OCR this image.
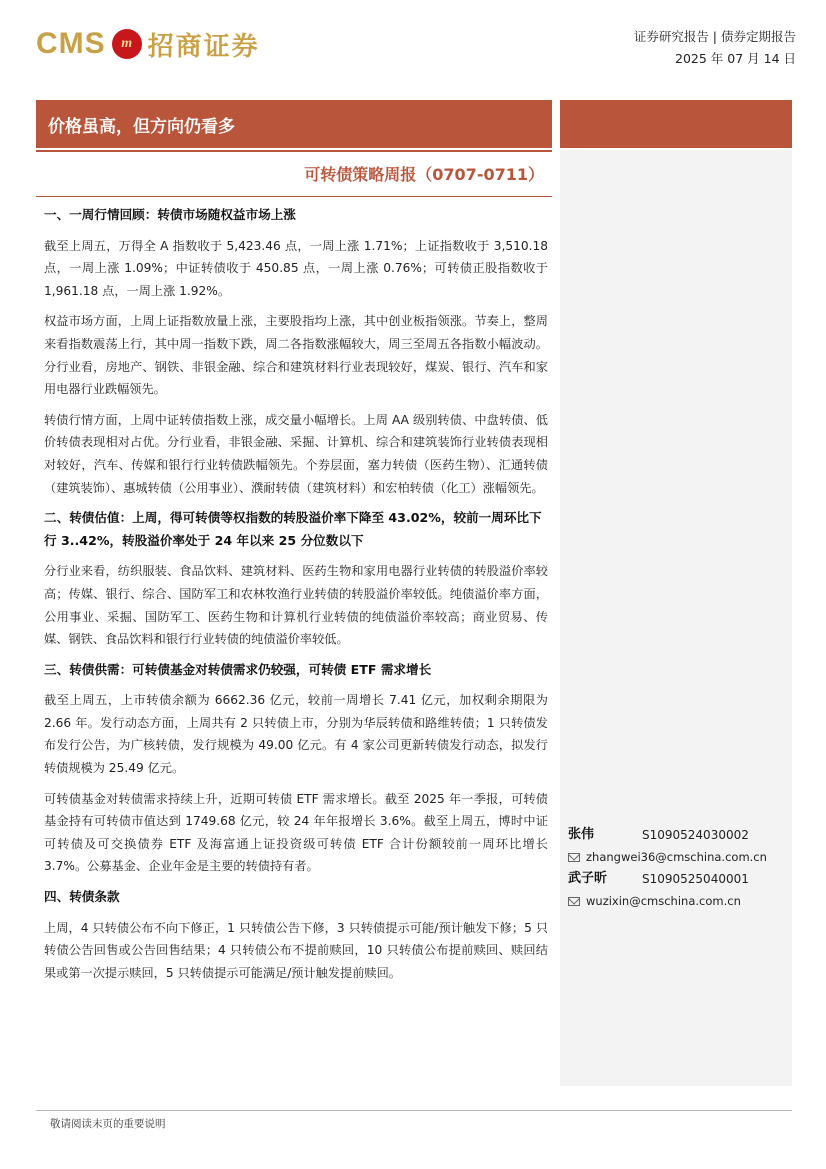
CMS m 招商证券	证券研究报告 | 债券定期报告
2025 年 07 月 14 日
价格虽高，但方向仍看多
可转债策略周报（0707-0711）
一、一周行情回顾：转债市场随权益市场上涨

截至上周五，万得全 A 指数收于 5,423.46 点，一周上涨 1.71%；上证指数收于 3,510.18 点，一周上涨 1.09%；中证转债收于 450.85 点，一周上涨 0.76%；可转债正股指数收于 1,961.18 点，一周上涨 1.92%。

权益市场方面，上周上证指数放量上涨，主要股指均上涨，其中创业板指领涨。节奏上，整周来看指数震荡上行，其中周一指数下跌，周二各指数涨幅较大，周三至周五各指数小幅波动。分行业看，房地产、钢铁、非银金融、综合和建筑材料行业表现较好，煤炭、银行、汽车和家用电器行业跌幅领先。

转债行情方面，上周中证转债指数上涨，成交量小幅增长。上周 AA 级别转债、中盘转债、低价转债表现相对占优。分行业看，非银金融、采掘、计算机、综合和建筑装饰行业转债表现相对较好，汽车、传媒和银行行业转债跌幅领先。个券层面，塞力转债（医药生物）、汇通转债（建筑装饰）、惠城转债（公用事业）、濮耐转债（建筑材料）和宏柏转债（化工）涨幅领先。

二、转债估值：上周，得可转债等权指数的转股溢价率下降至 43.02%，较前一周环比下行 3..42%，转股溢价率处于 24 年以来 25 分位数以下

分行业来看，纺织服装、食品饮料、建筑材料、医药生物和家用电器行业转债的转股溢价率较高；传媒、银行、综合、国防军工和农林牧渔行业转债的转股溢价率较低。纯债溢价率方面，公用事业、采掘、国防军工、医药生物和计算机行业转债的纯债溢价率较高；商业贸易、传媒、钢铁、食品饮料和银行行业转债的纯债溢价率较低。

三、转债供需：可转债基金对转债需求仍较强，可转债 ETF 需求增长

截至上周五，上市转债余额为 6662.36 亿元，较前一周增长 7.41 亿元，加权剩余期限为 2.66 年。发行动态方面，上周共有 2 只转债上市，分别为华辰转债和路维转债；1 只转债发布发行公告，为广核转债，发行规模为 49.00 亿元。有 4 家公司更新转债发行动态，拟发行转债规模为 25.49 亿元。

可转债基金对转债需求持续上升，近期可转债 ETF 需求增长。截至 2025 年一季报，可转债基金持有可转债市值达到 1749.68 亿元，较 24 年年报增长 3.6%。截至上周五，博时中证可转债及可交换债券 ETF 及海富通上证投资级可转债 ETF 合计份额较前一周环比增长 3.7%。公募基金、企业年金是主要的转债持有者。

四、转债条款

上周，4 只转债公布不向下修正，1 只转债公告下修，3 只转债提示可能/预计触发下修；5 只转债公告回售或公告回售结果；4 只转债公布不提前赎回，10 只转债公布提前赎回、赎回结果或第一次提示赎回，5 只转债提示可能满足/预计触发提前赎回。

张伟	S1090524030002
zhangwei36@cmschina.com.cn
武子昕	S1090525040001
wuzixin@cmschina.com.cn
敬请阅读末页的重要说明
